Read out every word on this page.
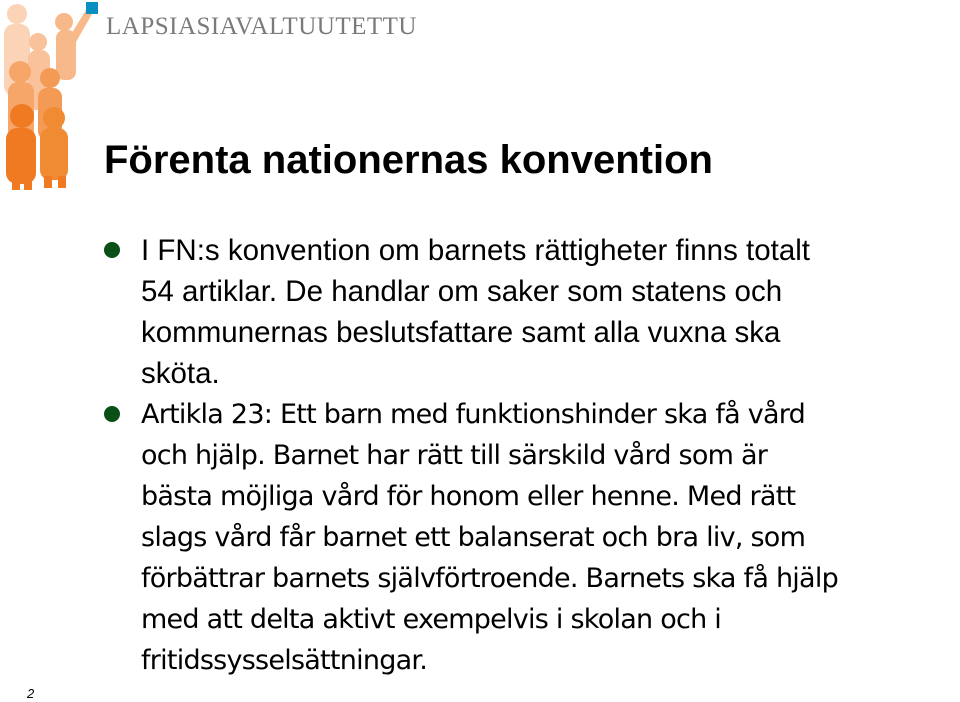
LAPSIASIAVALTUUTETTU
Förenta nationernas konvention
I FN:s konvention om barnets rättigheter finns totalt
54 artiklar. De handlar om saker som statens och
kommunernas beslutsfattare samt alla vuxna ska
sköta.
Artikla 23: Ett barn med funktionshinder ska få vård
och hjälp. Barnet har rätt till särskild vård som är
bästa möjliga vård för honom eller henne. Med rätt
slags vård får barnet ett balanserat och bra liv, som
förbättrar barnets självförtroende. Barnets ska få hjälp
med att delta aktivt exempelvis i skolan och i
fritidssysselsättningar.
2
